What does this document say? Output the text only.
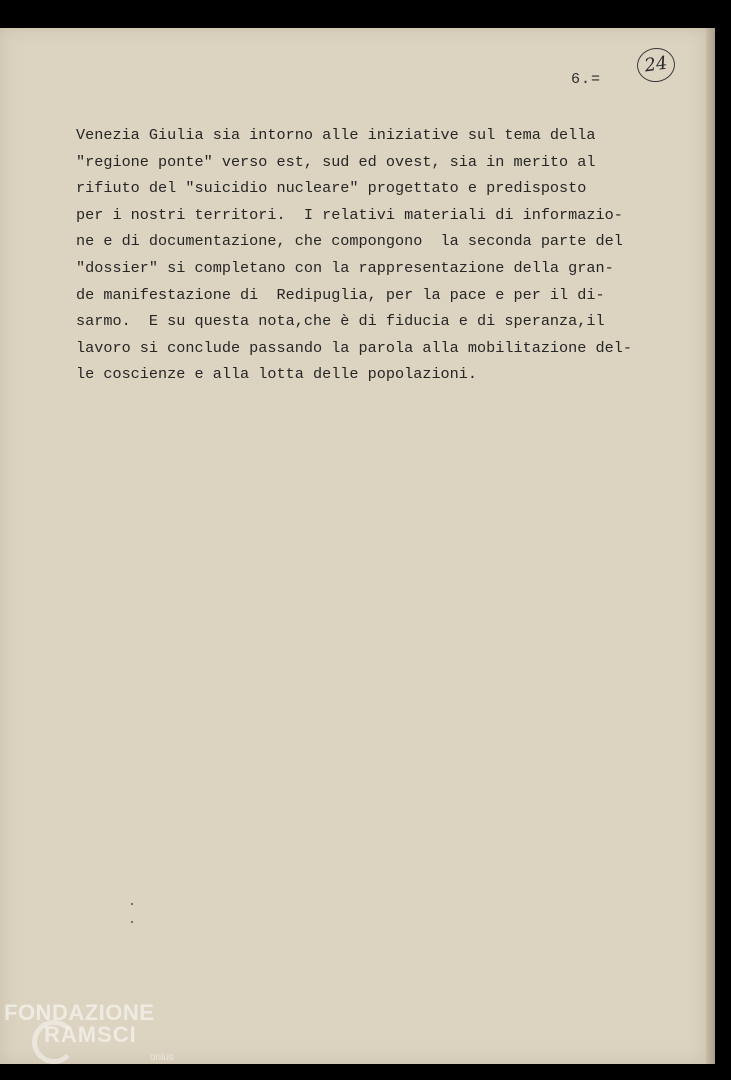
24
6.=
Venezia Giulia sia intorno alle iniziative sul tema della
"regione ponte" verso est, sud ed ovest, sia in merito al
rifiuto del "suicidio nucleare" progettato e predisposto
per i nostri territori.  I relativi materiali di informazio-
ne e di documentazione, che compongono  la seconda parte del
"dossier" si completano con la rappresentazione della gran-
de manifestazione di  Redipuglia, per la pace e per il di-
sarmo.  E su questa nota,che è di fiducia e di speranza,il
lavoro si conclude passando la parola alla mobilitazione del-
le coscienze e alla lotta delle popolazioni.
FONDAZIONE
RAMSCI
onlus
